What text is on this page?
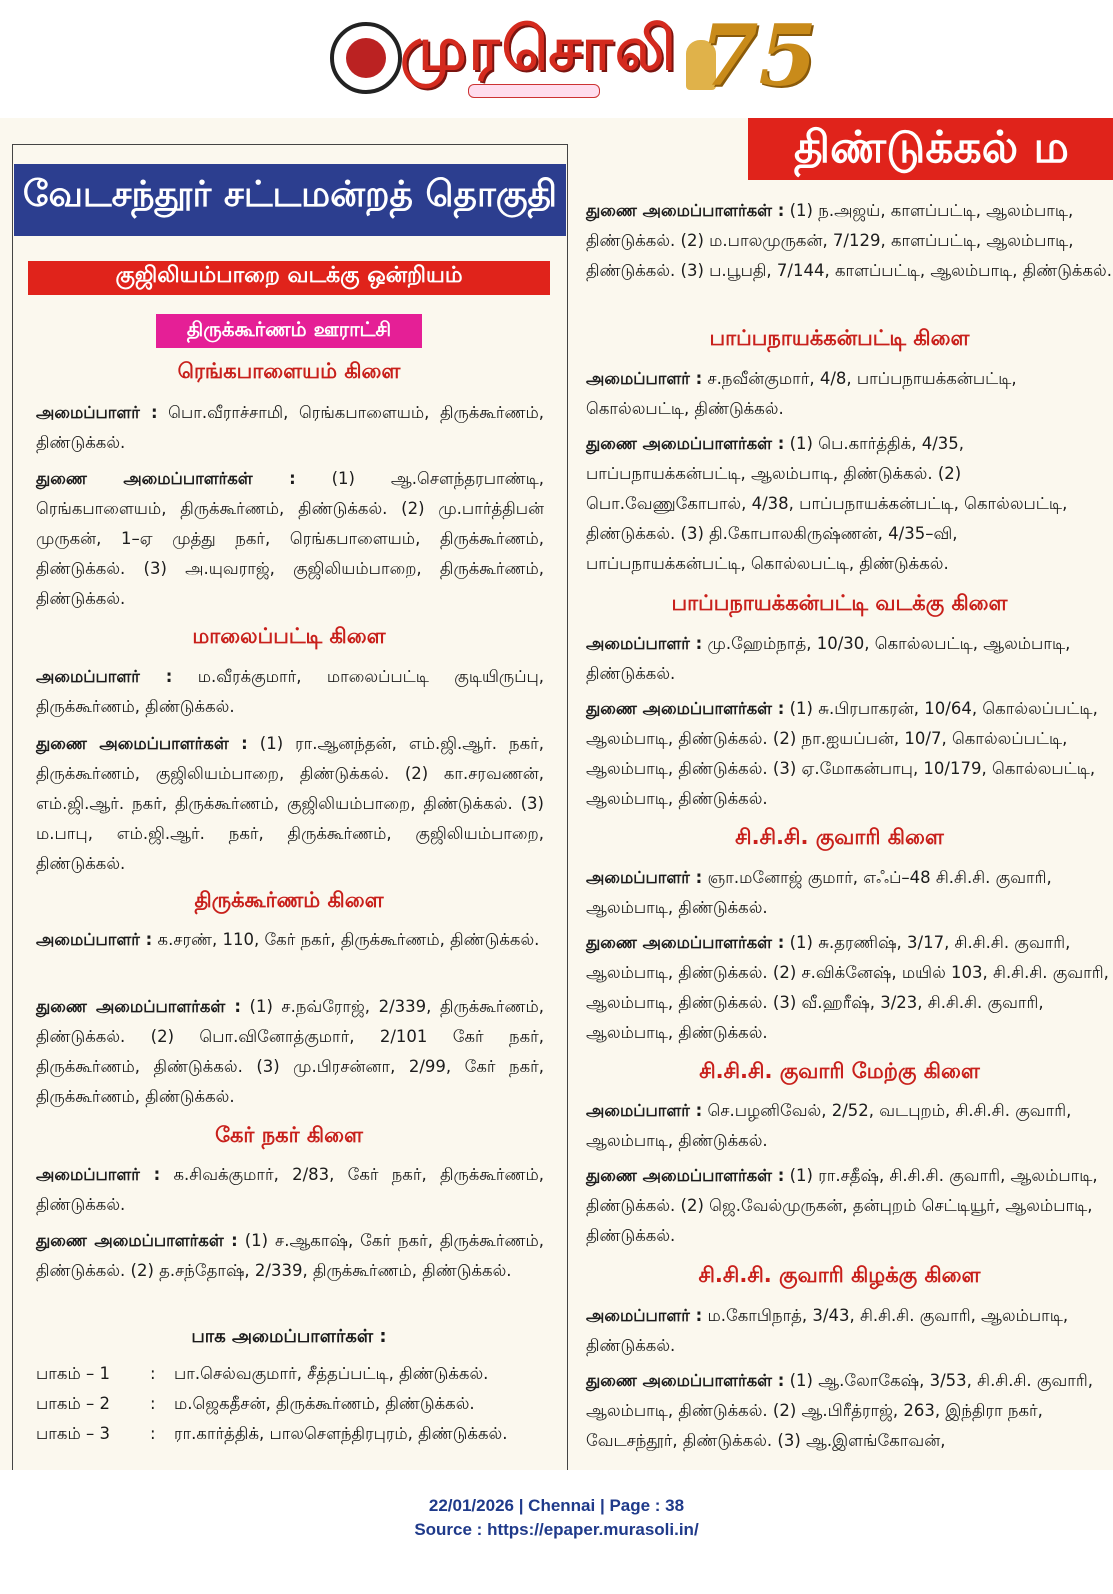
முரசொலி 75
திண்டுக்கல் ம
வேடசந்தூர் சட்டமன்றத் தொகுதி
குஜிலியம்பாறை வடக்கு ஒன்றியம்
திருக்கூர்ணம் ஊராட்சி
ரெங்கபாளையம் கிளை
அமைப்பாளர் : பொ.வீராச்சாமி, ரெங்கபாளையம், திருக்கூர்ணம், திண்டுக்கல்.
துணை அமைப்பாளர்கள் : (1) ஆ.சௌந்தரபாண்டி, ரெங்கபாளையம், திருக்கூர்ணம், திண்டுக்கல். (2) மு.பார்த்திபன் முருகன், 1–ஏ முத்து நகர், ரெங்கபாளையம், திருக்கூர்ணம், திண்டுக்கல். (3) அ.யுவராஜ், குஜிலியம்பாறை, திருக்கூர்ணம், திண்டுக்கல்.
மாலைப்பட்டி கிளை
அமைப்பாளர் : ம.வீரக்குமார், மாலைப்பட்டி குடியிருப்பு, திருக்கூர்ணம், திண்டுக்கல்.
துணை அமைப்பாளர்கள் : (1) ரா.ஆனந்தன், எம்.ஜி.ஆர். நகர், திருக்கூர்ணம், குஜிலியம்பாறை, திண்டுக்கல். (2) கா.சரவணன், எம்.ஜி.ஆர். நகர், திருக்கூர்ணம், குஜிலியம்பாறை, திண்டுக்கல். (3) ம.பாபு, எம்.ஜி.ஆர். நகர், திருக்கூர்ணம், குஜிலியம்பாறை, திண்டுக்கல்.
திருக்கூர்ணம் கிளை
அமைப்பாளர் : க.சரண், 110, கேர் நகர், திருக்கூர்ணம், திண்டுக்கல்.
துணை அமைப்பாளர்கள் : (1) ச.நவ்ரோஜ், 2/339, திருக்கூர்ணம், திண்டுக்கல். (2) பொ.வினோத்குமார், 2/101 கேர் நகர், திருக்கூர்ணம், திண்டுக்கல். (3) மு.பிரசன்னா, 2/99, கேர் நகர், திருக்கூர்ணம், திண்டுக்கல்.
கேர் நகர் கிளை
அமைப்பாளர் : க.சிவக்குமார், 2/83, கேர் நகர், திருக்கூர்ணம், திண்டுக்கல்.
துணை அமைப்பாளர்கள் : (1) ச.ஆகாஷ், கேர் நகர், திருக்கூர்ணம், திண்டுக்கல். (2) த.சந்தோஷ், 2/339, திருக்கூர்ணம், திண்டுக்கல்.
பாக அமைப்பாளர்கள் :
பாகம் – 1	:	பா.செல்வகுமார், சீத்தப்பட்டி, திண்டுக்கல்.
பாகம் – 2	:	ம.ஜெகதீசன், திருக்கூர்ணம், திண்டுக்கல்.
பாகம் – 3	:	ரா.கார்த்திக், பாலசௌந்திரபுரம், திண்டுக்கல்.
துணை அமைப்பாளர்கள் : (1) ந.அஜய், காளப்பட்டி, ஆலம்பாடி, திண்டுக்கல். (2) ம.பாலமுருகன், 7/129, காளப்பட்டி, ஆலம்பாடி, திண்டுக்கல். (3) ப.பூபதி, 7/144, காளப்பட்டி, ஆலம்பாடி, திண்டுக்கல்.
பாப்பநாயக்கன்பட்டி கிளை
அமைப்பாளர் : ச.நவீன்குமார், 4/8, பாப்பநாயக்கன்பட்டி, கொல்லபட்டி, திண்டுக்கல்.
துணை அமைப்பாளர்கள் : (1) பெ.கார்த்திக், 4/35, பாப்பநாயக்கன்பட்டி, ஆலம்பாடி, திண்டுக்கல். (2) பொ.வேணுகோபால், 4/38, பாப்பநாயக்கன்பட்டி, கொல்லபட்டி, திண்டுக்கல். (3) தி.கோபாலகிருஷ்ணன், 4/35–வி, பாப்பநாயக்கன்பட்டி, கொல்லபட்டி, திண்டுக்கல்.
பாப்பநாயக்கன்பட்டி வடக்கு கிளை
அமைப்பாளர் : மு.ஹேம்நாத், 10/30, கொல்லபட்டி, ஆலம்பாடி, திண்டுக்கல்.
துணை அமைப்பாளர்கள் : (1) சு.பிரபாகரன், 10/64, கொல்லப்பட்டி, ஆலம்பாடி, திண்டுக்கல். (2) நா.ஐயப்பன், 10/7, கொல்லப்பட்டி, ஆலம்பாடி, திண்டுக்கல். (3) ஏ.மோகன்பாபு, 10/179, கொல்லபட்டி, ஆலம்பாடி, திண்டுக்கல்.
சி.சி.சி. குவாரி கிளை
அமைப்பாளர் : ஞா.மனோஜ் குமார், எஃப்–48 சி.சி.சி. குவாரி, ஆலம்பாடி, திண்டுக்கல்.
துணை அமைப்பாளர்கள் : (1) சு.தரணிஷ், 3/17, சி.சி.சி. குவாரி, ஆலம்பாடி, திண்டுக்கல். (2) ச.விக்னேஷ், மயில் 103, சி.சி.சி. குவாரி, ஆலம்பாடி, திண்டுக்கல். (3) வீ.ஹரீஷ், 3/23, சி.சி.சி. குவாரி, ஆலம்பாடி, திண்டுக்கல்.
சி.சி.சி. குவாரி மேற்கு கிளை
அமைப்பாளர் : செ.பழனிவேல், 2/52, வடபுறம், சி.சி.சி. குவாரி, ஆலம்பாடி, திண்டுக்கல்.
துணை அமைப்பாளர்கள் : (1) ரா.சதீஷ், சி.சி.சி. குவாரி, ஆலம்பாடி, திண்டுக்கல். (2) ஜெ.வேல்முருகன், தன்புறம் செட்டியூர், ஆலம்பாடி, திண்டுக்கல்.
சி.சி.சி. குவாரி கிழக்கு கிளை
அமைப்பாளர் : ம.கோபிநாத், 3/43, சி.சி.சி. குவாரி, ஆலம்பாடி, திண்டுக்கல்.
துணை அமைப்பாளர்கள் : (1) ஆ.லோகேஷ், 3/53, சி.சி.சி. குவாரி, ஆலம்பாடி, திண்டுக்கல். (2) ஆ.பிரீத்ராஜ், 263, இந்திரா நகர், வேடசந்தூர், திண்டுக்கல். (3) ஆ.இளங்கோவன்,
22/01/2026 | Chennai | Page : 38
Source : https://epaper.murasoli.in/
